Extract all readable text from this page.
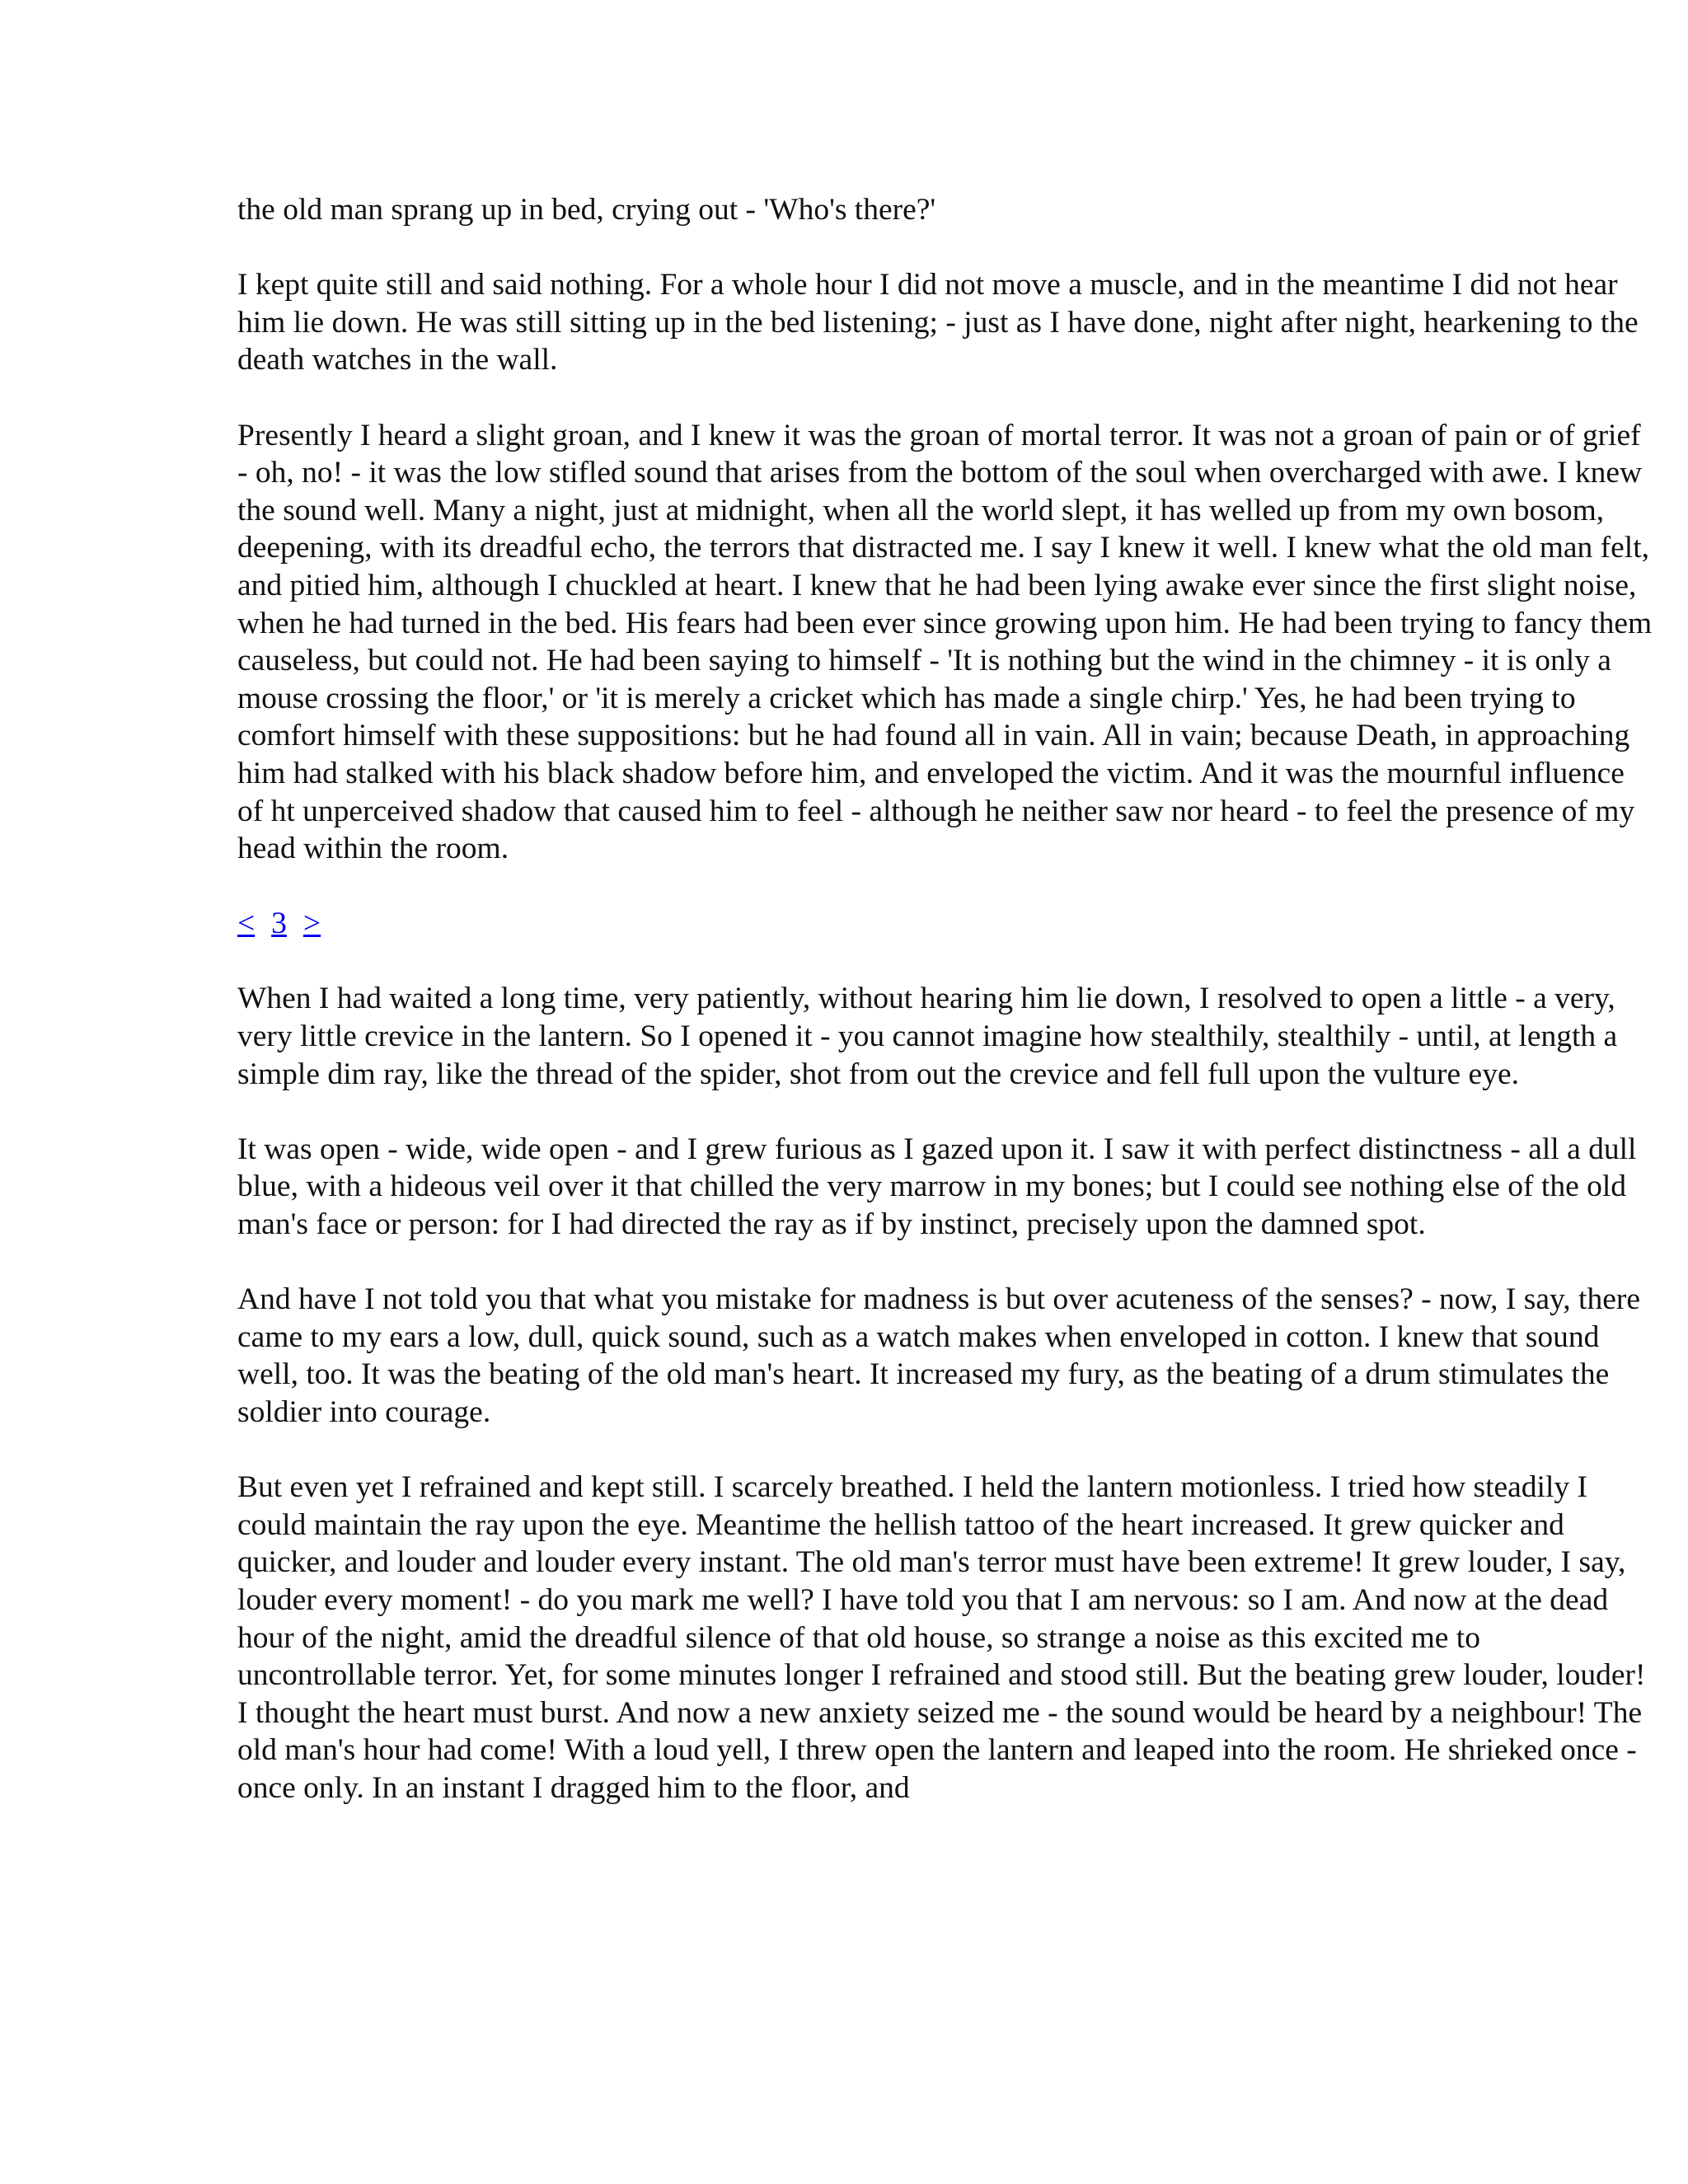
the old man sprang up in bed, crying out - 'Who's there?'

I kept quite still and said nothing. For a whole hour I did not move a muscle, and in the meantime I did not hear him lie down. He was still sitting up in the bed listening; - just as I have done, night after night, hearkening to the death watches in the wall.

Presently I heard a slight groan, and I knew it was the groan of mortal terror. It was not a groan of pain or of grief - oh, no! - it was the low stifled sound that arises from the bottom of the soul when overcharged with awe. I knew the sound well. Many a night, just at midnight, when all the world slept, it has welled up from my own bosom, deepening, with its dreadful echo, the terrors that distracted me. I say I knew it well. I knew what the old man felt, and pitied him, although I chuckled at heart. I knew that he had been lying awake ever since the first slight noise, when he had turned in the bed. His fears had been ever since growing upon him. He had been trying to fancy them causeless, but could not. He had been saying to himself - 'It is nothing but the wind in the chimney - it is only a mouse crossing the floor,' or 'it is merely a cricket which has made a single chirp.' Yes, he had been trying to comfort himself with these suppositions: but he had found all in vain. All in vain; because Death, in approaching him had stalked with his black shadow before him, and enveloped the victim. And it was the mournful influence of ht unperceived shadow that caused him to feel - although he neither saw nor heard - to feel the presence of my head within the room.

< 3 >

When I had waited a long time, very patiently, without hearing him lie down, I resolved to open a little - a very, very little crevice in the lantern. So I opened it - you cannot imagine how stealthily, stealthily - until, at length a simple dim ray, like the thread of the spider, shot from out the crevice and fell full upon the vulture eye.

It was open - wide, wide open - and I grew furious as I gazed upon it. I saw it with perfect distinctness - all a dull blue, with a hideous veil over it that chilled the very marrow in my bones; but I could see nothing else of the old man's face or person: for I had directed the ray as if by instinct, precisely upon the damned spot.

And have I not told you that what you mistake for madness is but over acuteness of the senses? - now, I say, there came to my ears a low, dull, quick sound, such as a watch makes when enveloped in cotton. I knew that sound well, too. It was the beating of the old man's heart. It increased my fury, as the beating of a drum stimulates the soldier into courage.

But even yet I refrained and kept still. I scarcely breathed. I held the lantern motionless. I tried how steadily I could maintain the ray upon the eye. Meantime the hellish tattoo of the heart increased. It grew quicker and quicker, and louder and louder every instant. The old man's terror must have been extreme! It grew louder, I say, louder every moment! - do you mark me well? I have told you that I am nervous: so I am. And now at the dead hour of the night, amid the dreadful silence of that old house, so strange a noise as this excited me to uncontrollable terror. Yet, for some minutes longer I refrained and stood still. But the beating grew louder, louder! I thought the heart must burst. And now a new anxiety seized me - the sound would be heard by a neighbour! The old man's hour had come! With a loud yell, I threw open the lantern and leaped into the room. He shrieked once - once only. In an instant I dragged him to the floor, and
